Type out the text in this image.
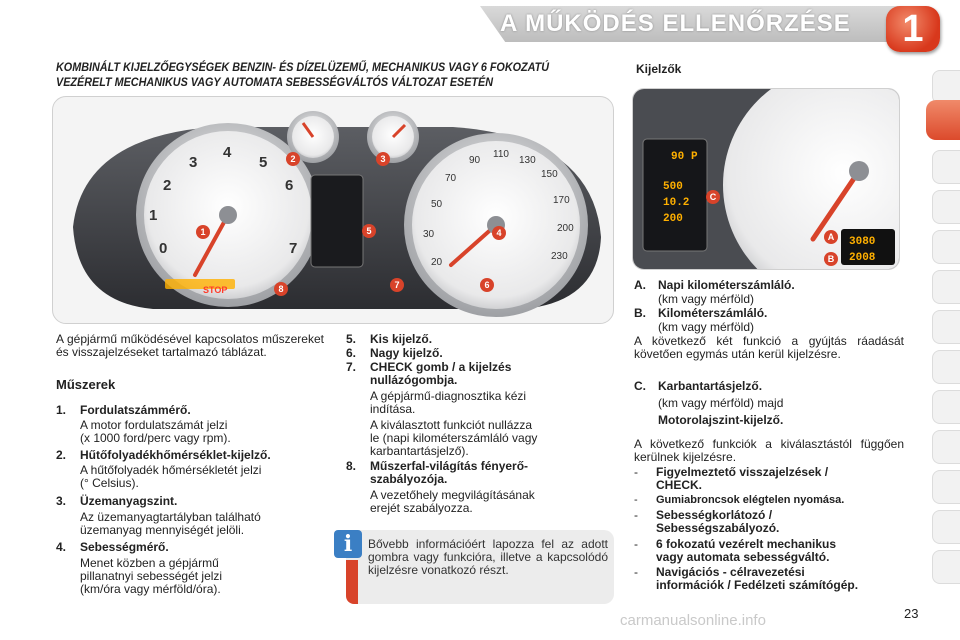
A MŰKÖDÉS ELLENŐRZÉSE	1
KOMBINÁLT KIJELZŐEGYSÉGEK BENZIN- ÉS DÍZELÜZEMŰ, MECHANIKUS VAGY 6 FOKOZATÚ
VEZÉRELT MECHANIKUS VAGY AUTOMATA SEBESSÉGVÁLTÓS VÁLTOZAT ESETÉN
Kijelzők
0
1
2
3
4
5
6
7
20
30
50
70
90
110
130
150
170
200
230
STOP
1
2	3
4
5
6
7
8
90 P
500
10.2
200
3080
2008
A
B
C
A gépjármű működésével kapcsolatos műszereket és visszajelzéseket tartalmazó táblázat.
Műszerek
1. Fordulatszámmérő.
A motor fordulatszámát jelzi
(x 1000 ford/perc vagy rpm).
2. Hűtőfolyadékhőmérséklet-kijelző.
A hűtőfolyadék hőmérsékletét jelzi
(° Celsius).
3. Üzemanyagszint.
Az üzemanyagtartályban található
üzemanyag mennyiségét jelöli.
4. Sebességmérő.
Menet közben a gépjármű
pillanatnyi sebességét jelzi
(km/óra vagy mérföld/óra).
5. Kis kijelző.
6. Nagy kijelző.
7. CHECK gomb / a kijelzés
nullázógombja.
A gépjármű-diagnosztika kézi
indítása.
A kiválasztott funkciót nullázza
le (napi kilométerszámláló vagy
karbantartásjelző).
8. Műszerfal-világítás fényerő-
szabályozója.
A vezetőhely megvilágításának
erejét szabályozza.
i	Bővebb információért lapozza fel az adott gombra vagy funkcióra, illetve a kapcsolódó kijelzésre vonatkozó részt.
A. Napi kilométerszámláló.
(km vagy mérföld)
B. Kilométerszámláló.
(km vagy mérföld)
A következő két funkció a gyújtás ráadását követően egymás után kerül kijelzésre.
C. Karbantartásjelző.
(km vagy mérföld) majd
Motorolajszint-kijelző.
A következő funkciók a kiválasztástól függően kerülnek kijelzésre.
- Figyelmeztető visszajelzések /
CHECK.
- Gumiabroncsok elégtelen nyomása.
- Sebességkorlátozó /
Sebességszabályozó.
- 6 fokozatú vezérelt mechanikus
vagy automata sebességváltó.
- Navigációs - célravezetési
információk / Fedélzeti számítógép.
23
carmanualsonline.info
